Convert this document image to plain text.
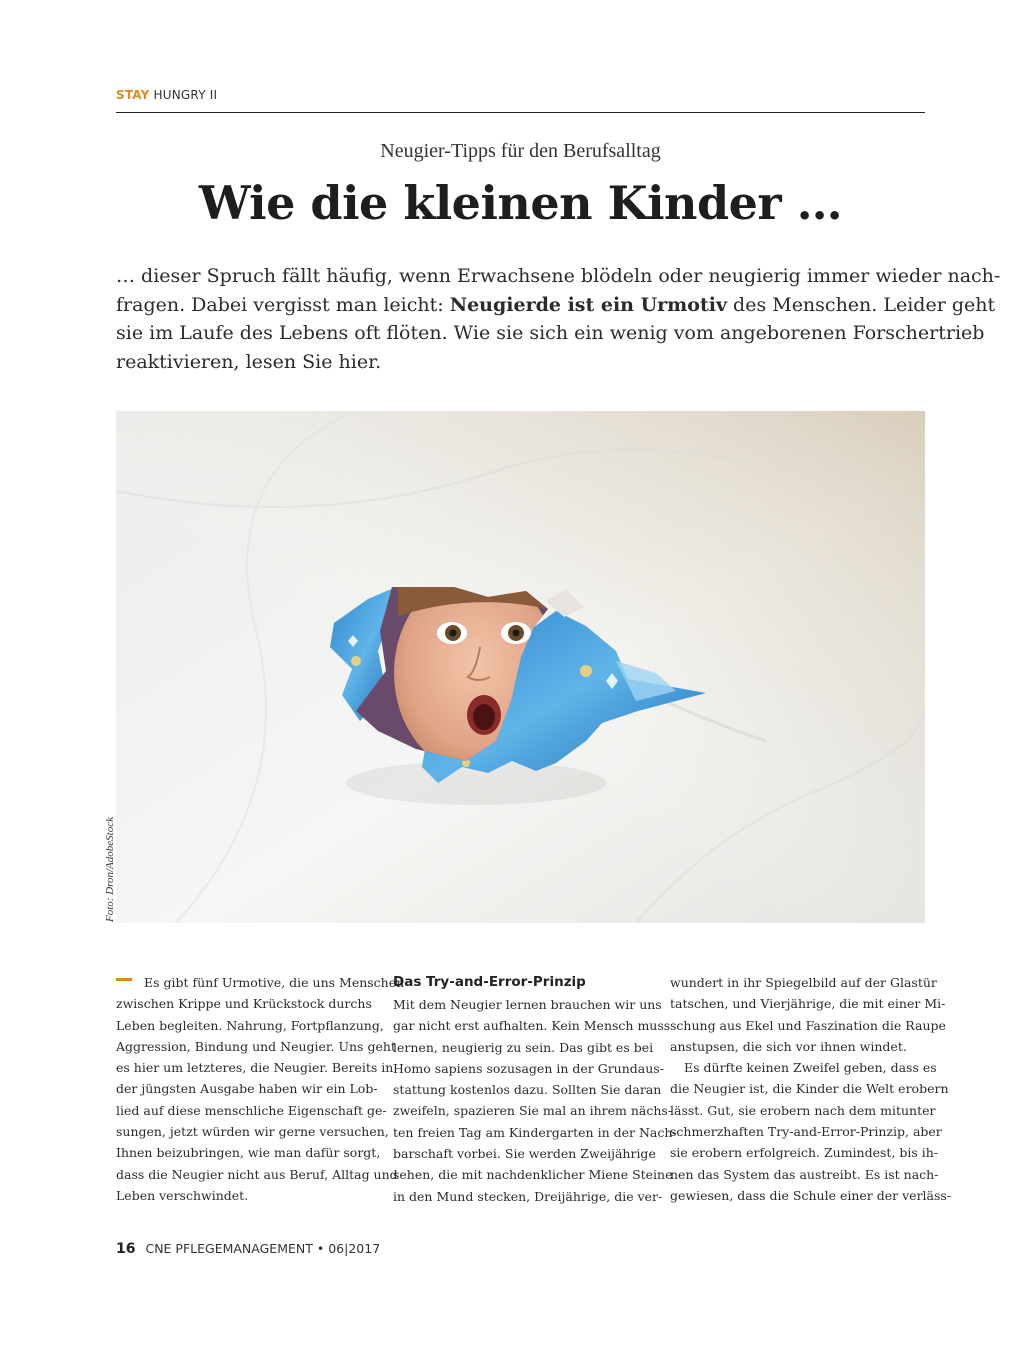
STAY HUNGRY II
Neugier-Tipps für den Berufsalltag
Wie die kleinen Kinder …
… dieser Spruch fällt häufig, wenn Erwachsene blödeln oder neugierig immer wieder nach-
fragen. Dabei vergisst man leicht: Neugierde ist ein Urmotiv des Menschen. Leider geht
sie im Laufe des Lebens oft flöten. Wie sie sich ein wenig vom angeborenen Forschertrieb
reaktivieren, lesen Sie hier.
Foto: Dron/AdobeStock
Es gibt fünf Urmotive, die uns Menschen
zwischen Krippe und Krückstock durchs
Leben begleiten. Nahrung, Fortpflanzung,
Aggression, Bindung und Neugier. Uns geht
es hier um letzteres, die Neugier. Bereits in
der jüngsten Ausgabe haben wir ein Lob-
lied auf diese menschliche Eigenschaft ge-
sungen, jetzt würden wir gerne versuchen,
Ihnen beizubringen, wie man dafür sorgt,
dass die Neugier nicht aus Beruf, Alltag und
Leben verschwindet.
Das Try-and-Error-Prinzip
Mit dem Neugier lernen brauchen wir uns
gar nicht erst aufhalten. Kein Mensch muss
lernen, neugierig zu sein. Das gibt es bei
Homo sapiens sozusagen in der Grundaus-
stattung kostenlos dazu. Sollten Sie daran
zweifeln, spazieren Sie mal an ihrem nächs-
ten freien Tag am Kindergarten in der Nach-
barschaft vorbei. Sie werden Zweijährige
sehen, die mit nachdenklicher Miene Steine
in den Mund stecken, Dreijährige, die ver-
wundert in ihr Spiegelbild auf der Glastür
tatschen, und Vierjährige, die mit einer Mi-
schung aus Ekel und Faszination die Raupe
anstupsen, die sich vor ihnen windet.
Es dürfte keinen Zweifel geben, dass es
die Neugier ist, die Kinder die Welt erobern
lässt. Gut, sie erobern nach dem mitunter
schmerzhaften Try-and-Error-Prinzip, aber
sie erobern erfolgreich. Zumindest, bis ih-
nen das System das austreibt. Es ist nach-
gewiesen, dass die Schule einer der verläss-
16 CNE PFLEGEMANAGEMENT • 06|2017
